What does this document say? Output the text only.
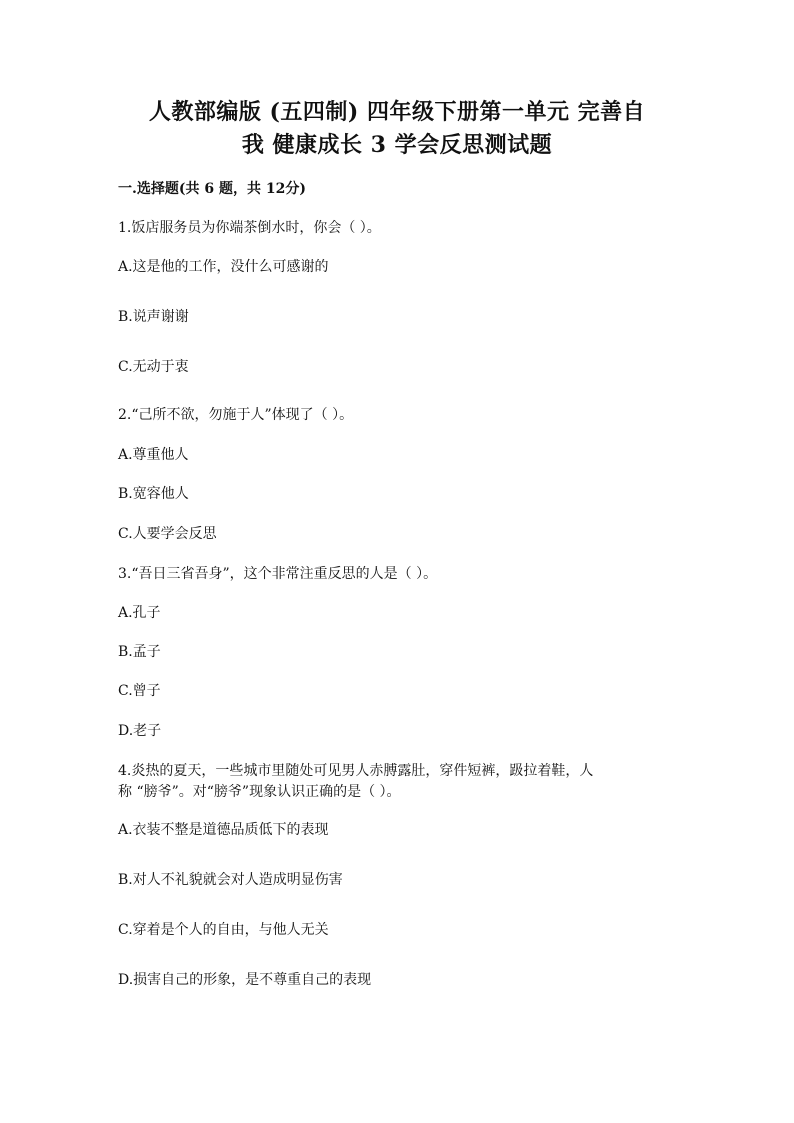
人教部编版 (五四制) 四年级下册第一单元 完善自
我 健康成长 3 学会反思测试题
一.选择题(共 6 题，共 12分)
1.饭店服务员为你端茶倒水时，你会（ ）。
A.这是他的工作，没什么可感谢的
B.说声谢谢
C.无动于衷
2.“己所不欲，勿施于人”体现了（ ）。
A.尊重他人
B.宽容他人
C.人要学会反思
3.“吾日三省吾身”，这个非常注重反思的人是（ ）。
A.孔子
B.孟子
C.曾子
D.老子
4.炎热的夏天，一些城市里随处可见男人赤膊露肚，穿件短裤，趿拉着鞋，人
称 “膀爷”。对“膀爷”现象认识正确的是（ ）。
A.衣装不整是道德品质低下的表现
B.对人不礼貌就会对人造成明显伤害
C.穿着是个人的自由，与他人无关
D.损害自己的形象，是不尊重自己的表现
